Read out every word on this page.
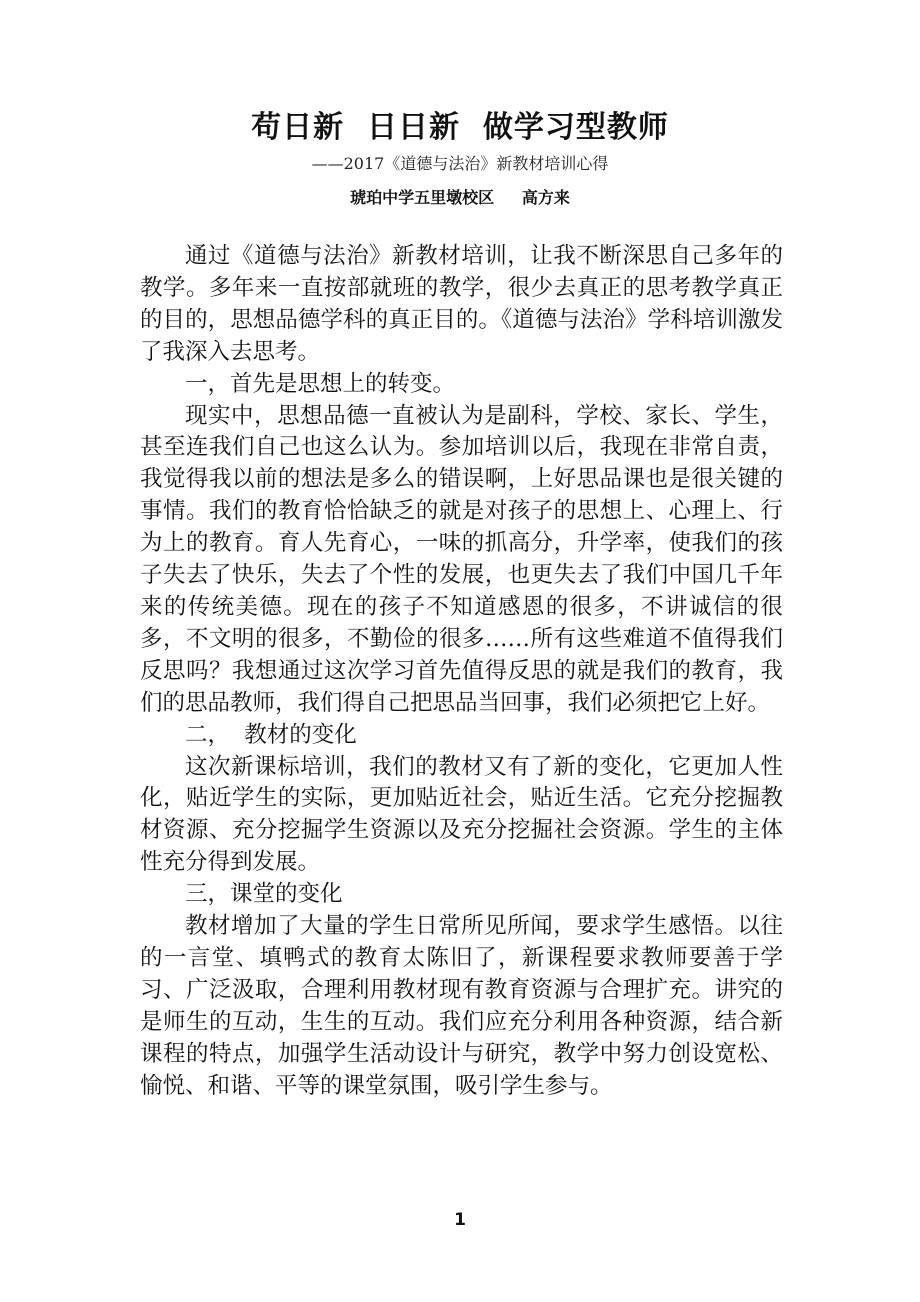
苟日新  日日新  做学习型教师
——2017《道德与法治》新教材培训心得
琥珀中学五里墩校区     高方来

通过《道德与法治》新教材培训，让我不断深思自己多年的教学。多年来一直按部就班的教学，很少去真正的思考教学真正的目的，思想品德学科的真正目的。《道德与法治》学科培训激发了我深入去思考。

一，首先是思想上的转变。

现实中，思想品德一直被认为是副科，学校、家长、学生，甚至连我们自己也这么认为。参加培训以后，我现在非常自责，我觉得我以前的想法是多么的错误啊，上好思品课也是很关键的事情。我们的教育恰恰缺乏的就是对孩子的思想上、心理上、行为上的教育。育人先育心，一味的抓高分，升学率，使我们的孩子失去了快乐，失去了个性的发展，也更失去了我们中国几千年来的传统美德。现在的孩子不知道感恩的很多，不讲诚信的很多，不文明的很多，不勤俭的很多……所有这些难道不值得我们反思吗？我想通过这次学习首先值得反思的就是我们的教育，我们的思品教师，我们得自己把思品当回事，我们必须把它上好。

二，  教材的变化

这次新课标培训，我们的教材又有了新的变化，它更加人性化，贴近学生的实际，更加贴近社会，贴近生活。它充分挖掘教材资源、充分挖掘学生资源以及充分挖掘社会资源。学生的主体性充分得到发展。

三，课堂的变化

教材增加了大量的学生日常所见所闻，要求学生感悟。以往的一言堂、填鸭式的教育太陈旧了，新课程要求教师要善于学习、广泛汲取，合理利用教材现有教育资源与合理扩充。讲究的是师生的互动，生生的互动。我们应充分利用各种资源，结合新课程的特点，加强学生活动设计与研究，教学中努力创设宽松、愉悦、和谐、平等的课堂氛围，吸引学生参与。

1
